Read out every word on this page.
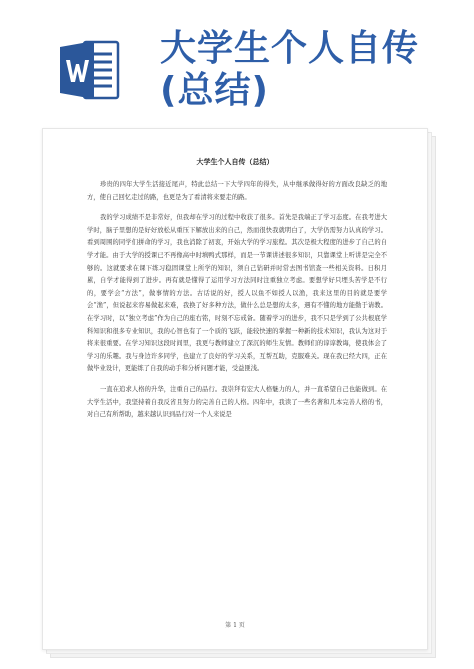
大学生个人自传(总结)
大学生个人自传（总结）

珍贵的四年大学生活接近尾声，特此总结一下大学四年的得失，从中继承做得好的方面改良缺乏的地方，使自己回忆走过的路，也更是为了看清将来要走的路。

我的学习成绩不是非常好，但我却在学习的过程中收获了很多。首先是我端正了学习态度。在我考进大学时，脑子里想的是好好放松从重压下解放出来的自己，然而很快我就明白了，大学仍需努力认真的学习。看到周围的同学们拼命的学习，我也消除了初衷，开始大学的学习旅程。其次是极大程度的进步了自己的自学才能。由于大学的授课已不再像高中时填鸭式那样，而是一节课讲述很多知识，只靠课堂上听讲是完全不够的。这就要求在课下练习稳固课堂上所学的知识，须自己钻研并时常去图书馆查一些相关资料。日积月累，自学才能得到了进步。再有就是懂得了运用学习方法同时注重独立考虑。要想学好只埋头苦学是不行的，要学会“方法”，做事情的方法。古话说的好，授人以鱼不如授人以渔，我来这里的目的就是要学会“渔”，但说起来容易做起来难，我换了好多种方法，做什么总是想的太多，遇有不懂的地方能勤于请教。在学习时，以“独立考虑”作为自己的座右铭，时刻不忘戒备。随着学习的进步，我不只是学到了公共根底学科知识和很多专业知识，我的心智也有了一个质的飞跃，能较快速的掌握一种新的技术知识，我认为这对于将来很重要。在学习知识这段时间里，我更与教师建立了深沉的师生友情。教师们的谆谆教诲，使我体会了学习的乐趣。我与身边许多同学，也建立了良好的学习关系，互帮互助，克服难关。现在我已经大四，正在做毕业设计，更能练了自我的动手和分析问题才能，受益匪浅。

一直在追求人格的升华，注重自己的品行。我崇拜有宏大人格魅力的人，并一直希望自己也能做到。在大学生活中，我坚持着自我反省且努力的完善自己的人格。四年中，我读了一些名著和几本完善人格的书，对自己有所帮助，越来越认识到品行对一个人来说是

第 1 页
